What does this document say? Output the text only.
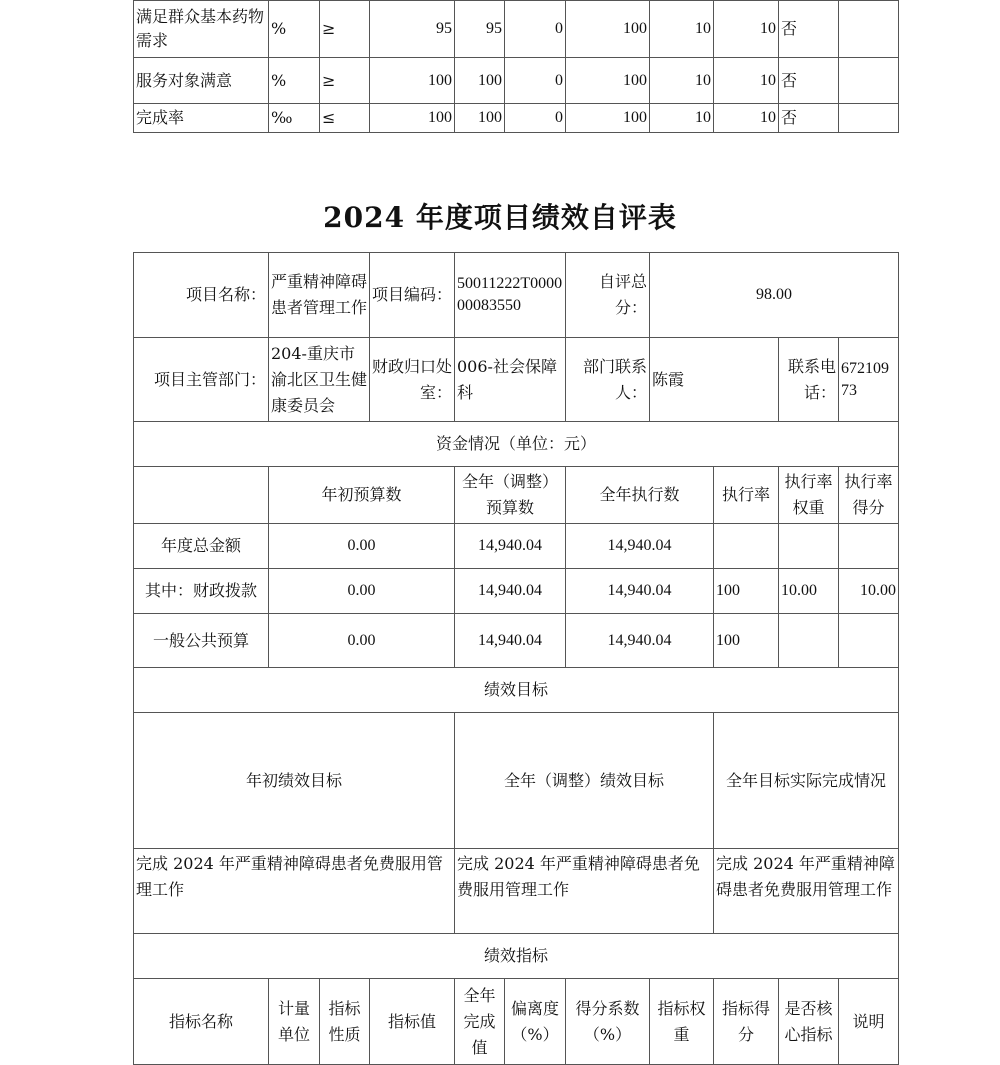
满足群众基本药物需求	%	≥	95	95	0	100	10	10	否	
服务对象满意	%	≥	100	100	0	100	10	10	否	
完成率	‰	≤	100	100	0	100	10	10	否	
2024 年度项目绩效自评表
项目名称：	严重精神障碍患者管理工作		项目编码：	50011222T000000083550		自评总分：	98.00			
项目主管部门：	204-重庆市渝北区卫生健康委员会		财政归口处室：	006-社会保障科		部门联系人：	陈霞		联系电话：	67210973
资金情况（单位：元）										
	年初预算数			全年（调整）预算数		全年执行数		执行率	执行率权重	执行率得分
年度总金额	0.00			14,940.04		14,940.04				
其中：财政拨款	0.00			14,940.04		14,940.04		100	10.00	10.00
一般公共预算	0.00			14,940.04		14,940.04		100		
绩效目标										
年初绩效目标				全年（调整）绩效目标				全年目标实际完成情况		
完成 2024 年严重精神障碍患者免费服用管理工作				完成 2024 年严重精神障碍患者免费服用管理工作				完成 2024 年严重精神障碍患者免费服用管理工作		
绩效指标										
指标名称	计量单位	指标性质	指标值	全年完成值	偏离度（%）	得分系数（%）	指标权重	指标得分	是否核心指标	说明
